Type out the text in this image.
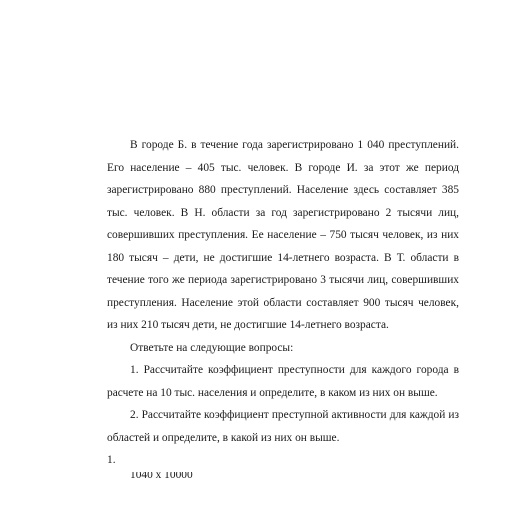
В городе Б. в течение года зарегистрировано 1 040 преступлений. Его население – 405 тыс. человек. В городе И. за этот же период зарегистрировано 880 преступлений. Население здесь составляет 385 тыс. человек. В Н. области за год зарегистрировано 2 тысячи лиц, совершивших преступления. Ее население – 750 тысяч человек, из них 180 тысяч – дети, не достигшие 14-летнего возраста. В Т. области в течение того же периода зарегистрировано 3 тысячи лиц, совершивших преступления. Население этой области составляет 900 тысяч человек, из них 210 тысяч дети, не достигшие 14-летнего возраста.

Ответьте на следующие вопросы:

1. Рассчитайте коэффициент преступности для каждого города в расчете на 10 тыс. населения и определите, в каком из них он выше.

2. Рассчитайте коэффициент преступной активности для каждой из областей и определите, в какой из них он выше.

1.

1040 х 10000
